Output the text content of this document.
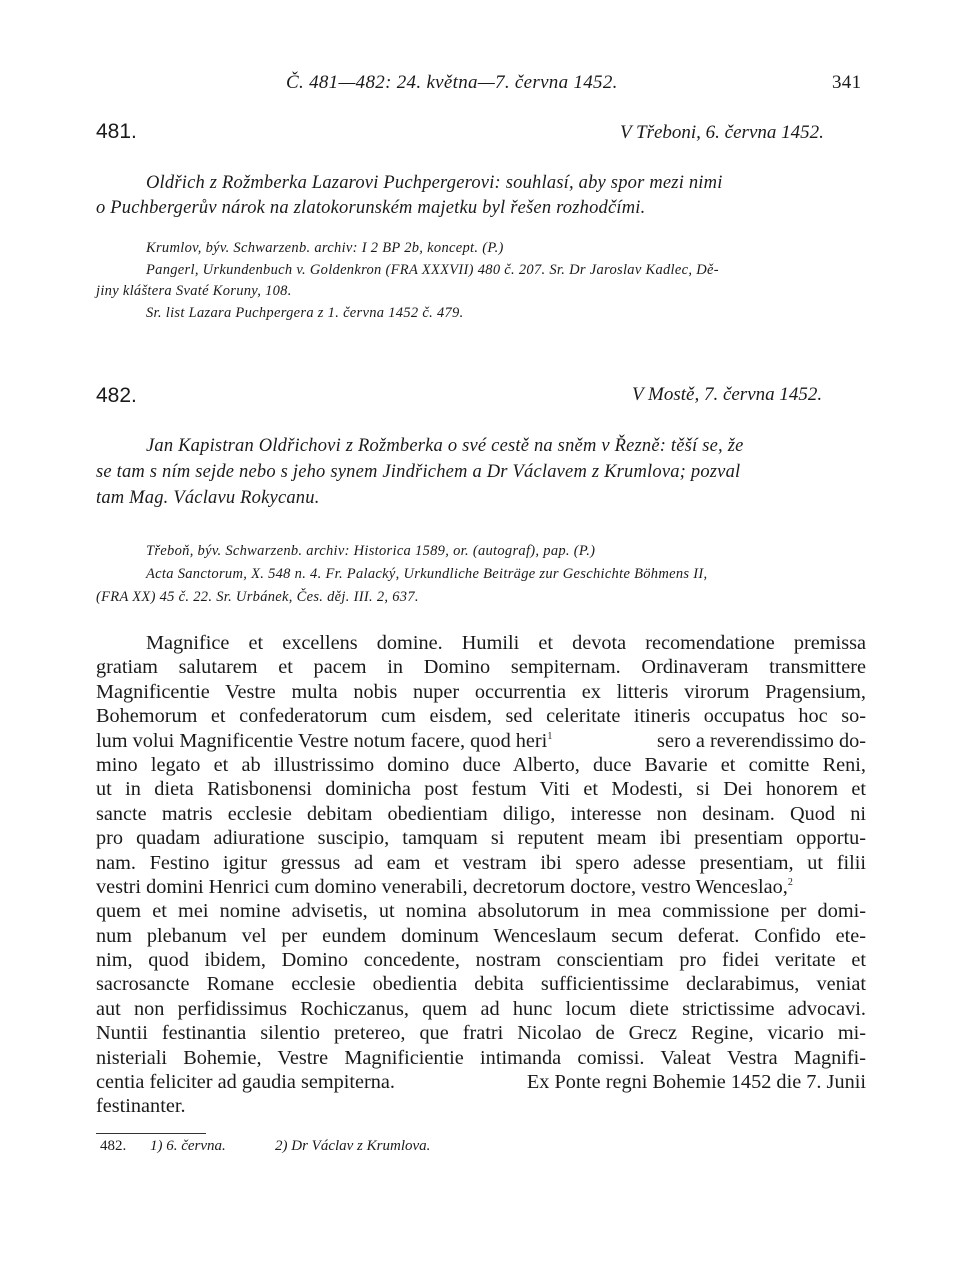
Č. 481—482: 24. května—7. června 1452.	341
481.	V Třeboni, 6. června 1452.
Oldřich z Rožmberka Lazarovi Puchpergerovi: souhlasí, aby spor mezi nimi
o Puchbergerův nárok na zlatokorunském majetku byl řešen rozhodčími.
Krumlov, býv. Schwarzenb. archiv: I 2 BP 2b, koncept. (P.)
Pangerl, Urkundenbuch v. Goldenkron (FRA XXXVII) 480 č. 207. Sr. Dr Jaroslav Kadlec, Dě-
jiny kláštera Svaté Koruny, 108.
Sr. list Lazara Puchpergera z 1. června 1452 č. 479.
482.	V Mostě, 7. června 1452.
Jan Kapistran Oldřichovi z Rožmberka o své cestě na sněm v Řezně: těší se, že
se tam s ním sejde nebo s jeho synem Jindřichem a Dr Václavem z Krumlova; pozval
tam Mag. Václavu Rokycanu.
Třeboň, býv. Schwarzenb. archiv: Historica 1589, or. (autograf), pap. (P.)
Acta Sanctorum, X. 548 n. 4. Fr. Palacký, Urkundliche Beiträge zur Geschichte Böhmens II,
(FRA XX) 45 č. 22. Sr. Urbánek, Čes. děj. III. 2, 637.
Magnifice et excellens domine. Humili et devota recomendatione premissa
gratiam salutarem et pacem in Domino sempiternam. Ordinaveram transmittere
Magnificentie Vestre multa nobis nuper occurrentia ex litteris virorum Pragensium,
Bohemorum et confederatorum cum eisdem, sed celeritate itineris occupatus hoc so-
lum volui Magnificentie Vestre notum facere, quod heri$^1$	sero a reverendissimo do-
mino legato et ab illustrissimo domino duce Alberto, duce Bavarie et comitte Reni,
ut in dieta Ratisbonensi dominicha post festum Viti et Modesti, si Dei honorem et
sancte matris ecclesie debitam obedientiam diligo, interesse non desinam. Quod ni
pro quadam adiuratione suscipio, tamquam si reputent meam ibi presentiam opportu-
nam. Festino igitur gressus ad eam et vestram ibi spero adesse presentiam, ut filii
vestri domini Henrici cum domino venerabili, decretorum doctore, vestro Wenceslao,$^2$
quem et mei nomine advisetis, ut nomina absolutorum in mea commissione per domi-
num plebanum vel per eundem dominum Wenceslaum secum deferat. Confido ete-
nim, quod ibidem, Domino concedente, nostram conscientiam pro fidei veritate et
sacrosancte Romane ecclesie obedientia debita sufficientissime declarabimus, veniat
aut non perfidissimus Rochiczanus, quem ad hunc locum diete strictissime advocavi.
Nuntii festinantia silentio pretereo, que fratri Nicolao de Grecz Regine, vicario mi-
nisteriali Bohemie, Vestre Magnificientie intimanda comissi. Valeat Vestra Magnifi-
centia feliciter ad gaudia sempiterna.	Ex Ponte regni Bohemie 1452 die 7. Junii
festinanter.
482. 1) 6. června.	2) Dr Václav z Krumlova.
